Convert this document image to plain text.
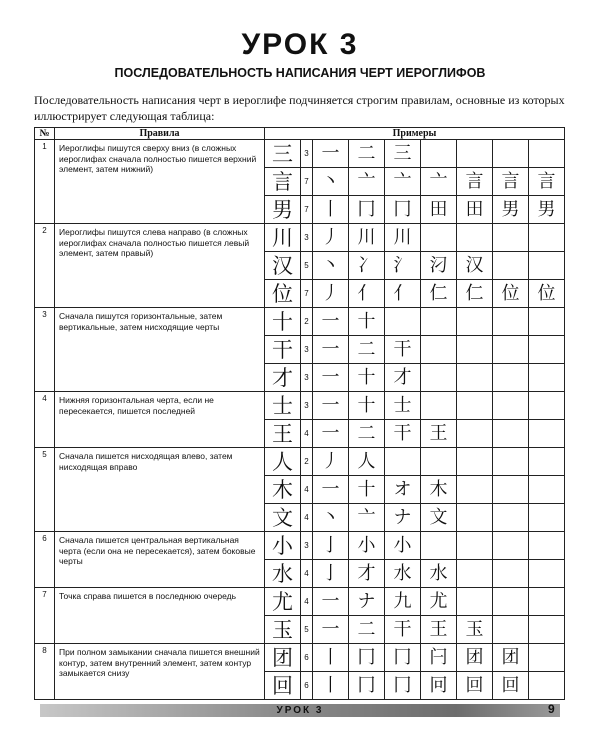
УРОК 3
ПОСЛЕДОВАТЕЛЬНОСТЬ НАПИСАНИЯ ЧЕРТ ИЕРОГЛИФОВ
Последовательность написания черт в иероглифе подчиняется строгим правилам, основные из которых иллюстрирует следующая таблица:
№	Правила	Примеры								
1	Иероглифы пишутся сверху вниз (в сложных иероглифах сначала полностью пишется верхний элемент, затем нижний)	三	3	一	二	三				
		言	7	丶	亠	亠	亠	言	言	言
		男	7	丨	冂	冂	田	田	男	男
2	Иероглифы пишутся слева направо (в сложных иероглифах сначала полностью пишется левый элемент, затем правый)	川	3	丿	川	川				
		汉	5	丶	冫	氵	汈	汉		
		位	7	丿	亻	亻	仁	仁	位	位
3	Сначала пишутся горизонтальные, затем вертикальные, затем нисходящие черты	十	2	一	十					
		干	3	一	二	干				
		才	3	一	十	才				
4	Нижняя горизонтальная черта, если не пересекается, пишется последней	士	3	一	十	士				
		王	4	一	二	干	王			
5	Сначала пишется нисходящая влево, затем нисходящая вправо	人	2	丿	人					
		木	4	一	十	オ	木			
		文	4	丶	亠	ナ	文			
6	Сначала пишется центральная вертикальная черта (если она не пересекается), затем боковые черты	小	3	亅	小	小				
		水	4	亅	才	水	水			
7	Точка справа пишется в последнюю очередь	尤	4	一	ナ	九	尤			
		玉	5	一	二	干	王	玉		
8	При полном замыкании сначала пишется внешний контур, затем внутренний элемент, затем контур замыкается снизу	团	6	丨	冂	冂	闩	团	团	
		回	6	丨	冂	冂	冋	回	回	
УРОК 3	9
